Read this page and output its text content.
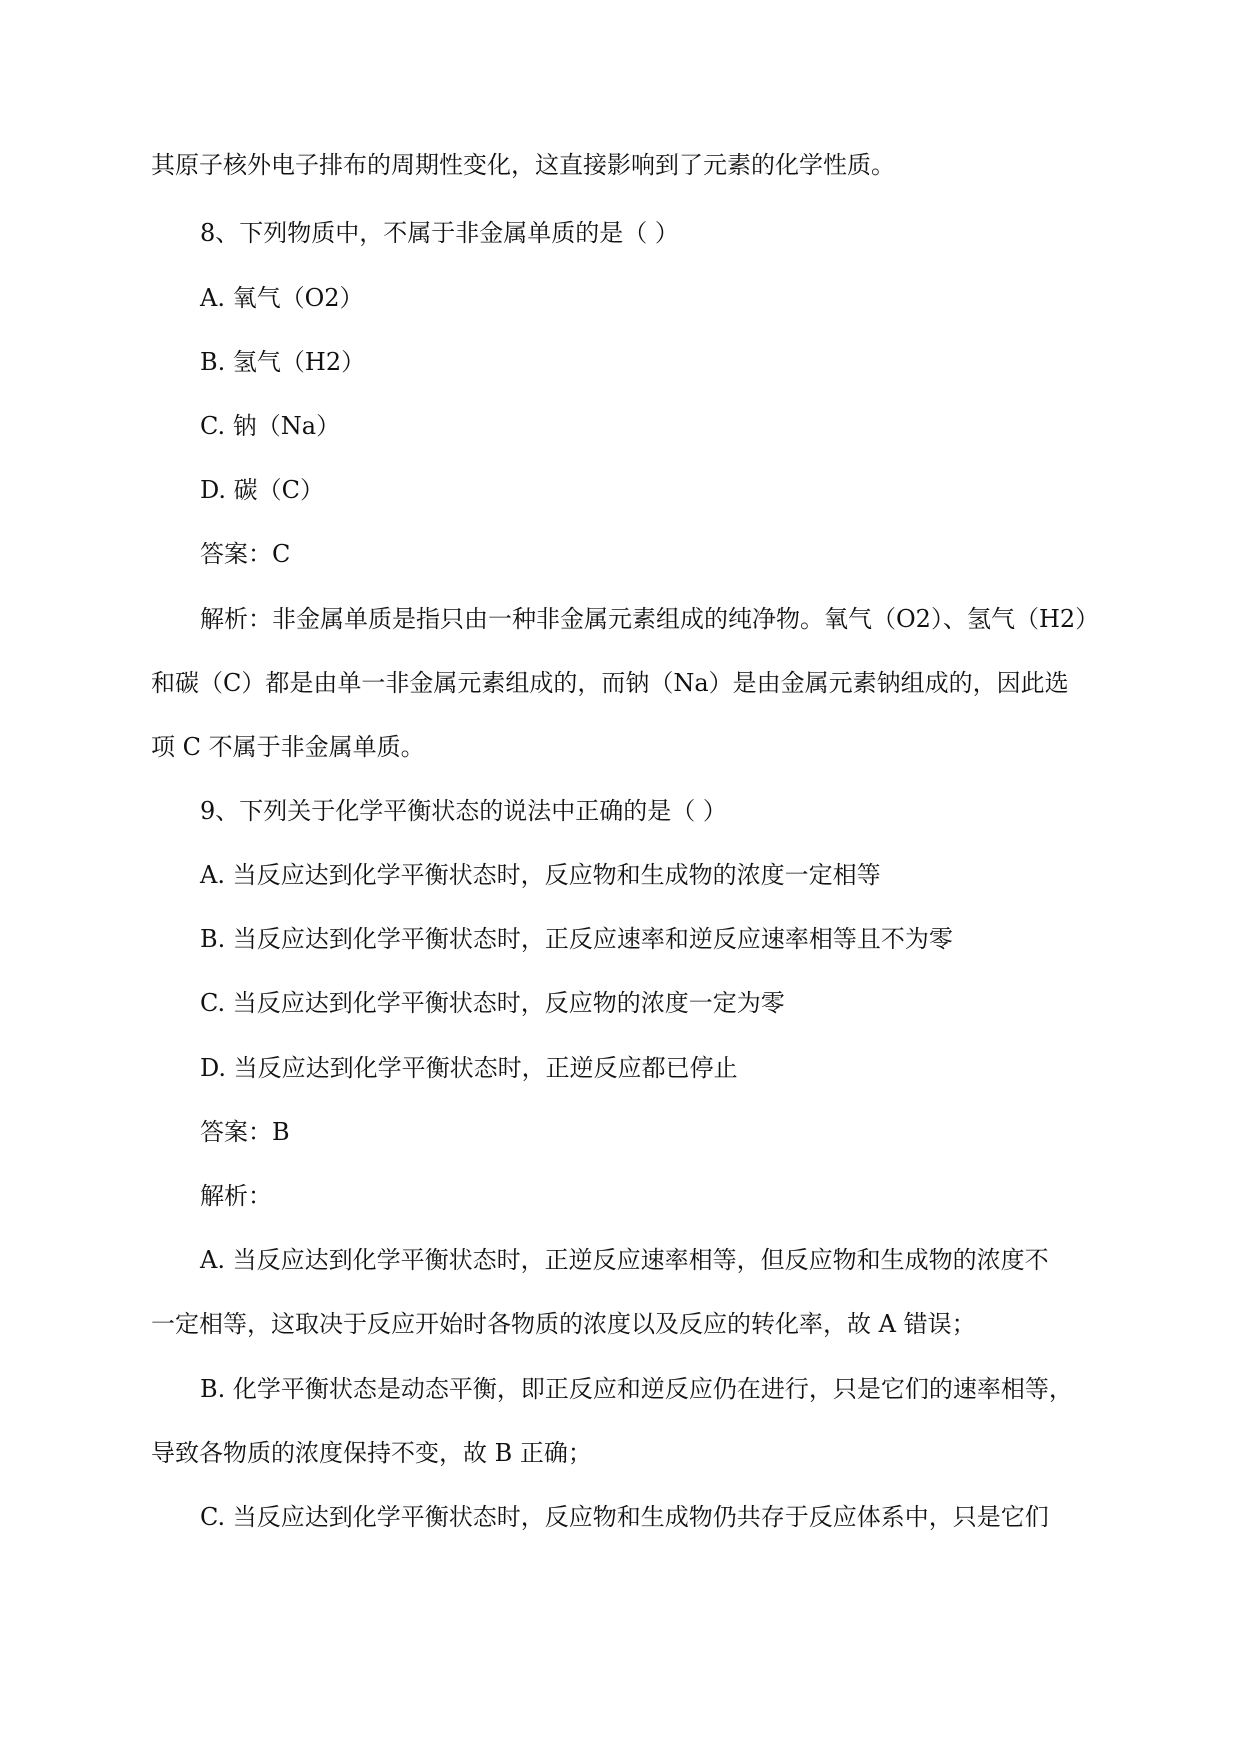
其原子核外电子排布的周期性变化，这直接影响到了元素的化学性质。
8、下列物质中，不属于非金属单质的是（ ）
A. 氧气（O2）
B. 氢气（H2）
C. 钠（Na）
D. 碳（C）
答案：C
解析：非金属单质是指只由一种非金属元素组成的纯净物。氧气（O2）、氢气（H2）
和碳（C）都是由单一非金属元素组成的，而钠（Na）是由金属元素钠组成的，因此选
项 C 不属于非金属单质。
9、下列关于化学平衡状态的说法中正确的是（ ）
A. 当反应达到化学平衡状态时，反应物和生成物的浓度一定相等
B. 当反应达到化学平衡状态时，正反应速率和逆反应速率相等且不为零
C. 当反应达到化学平衡状态时，反应物的浓度一定为零
D. 当反应达到化学平衡状态时，正逆反应都已停止
答案：B
解析：
A. 当反应达到化学平衡状态时，正逆反应速率相等，但反应物和生成物的浓度不
一定相等，这取决于反应开始时各物质的浓度以及反应的转化率，故 A 错误；
B. 化学平衡状态是动态平衡，即正反应和逆反应仍在进行，只是它们的速率相等，
导致各物质的浓度保持不变，故 B 正确；
C. 当反应达到化学平衡状态时，反应物和生成物仍共存于反应体系中，只是它们
